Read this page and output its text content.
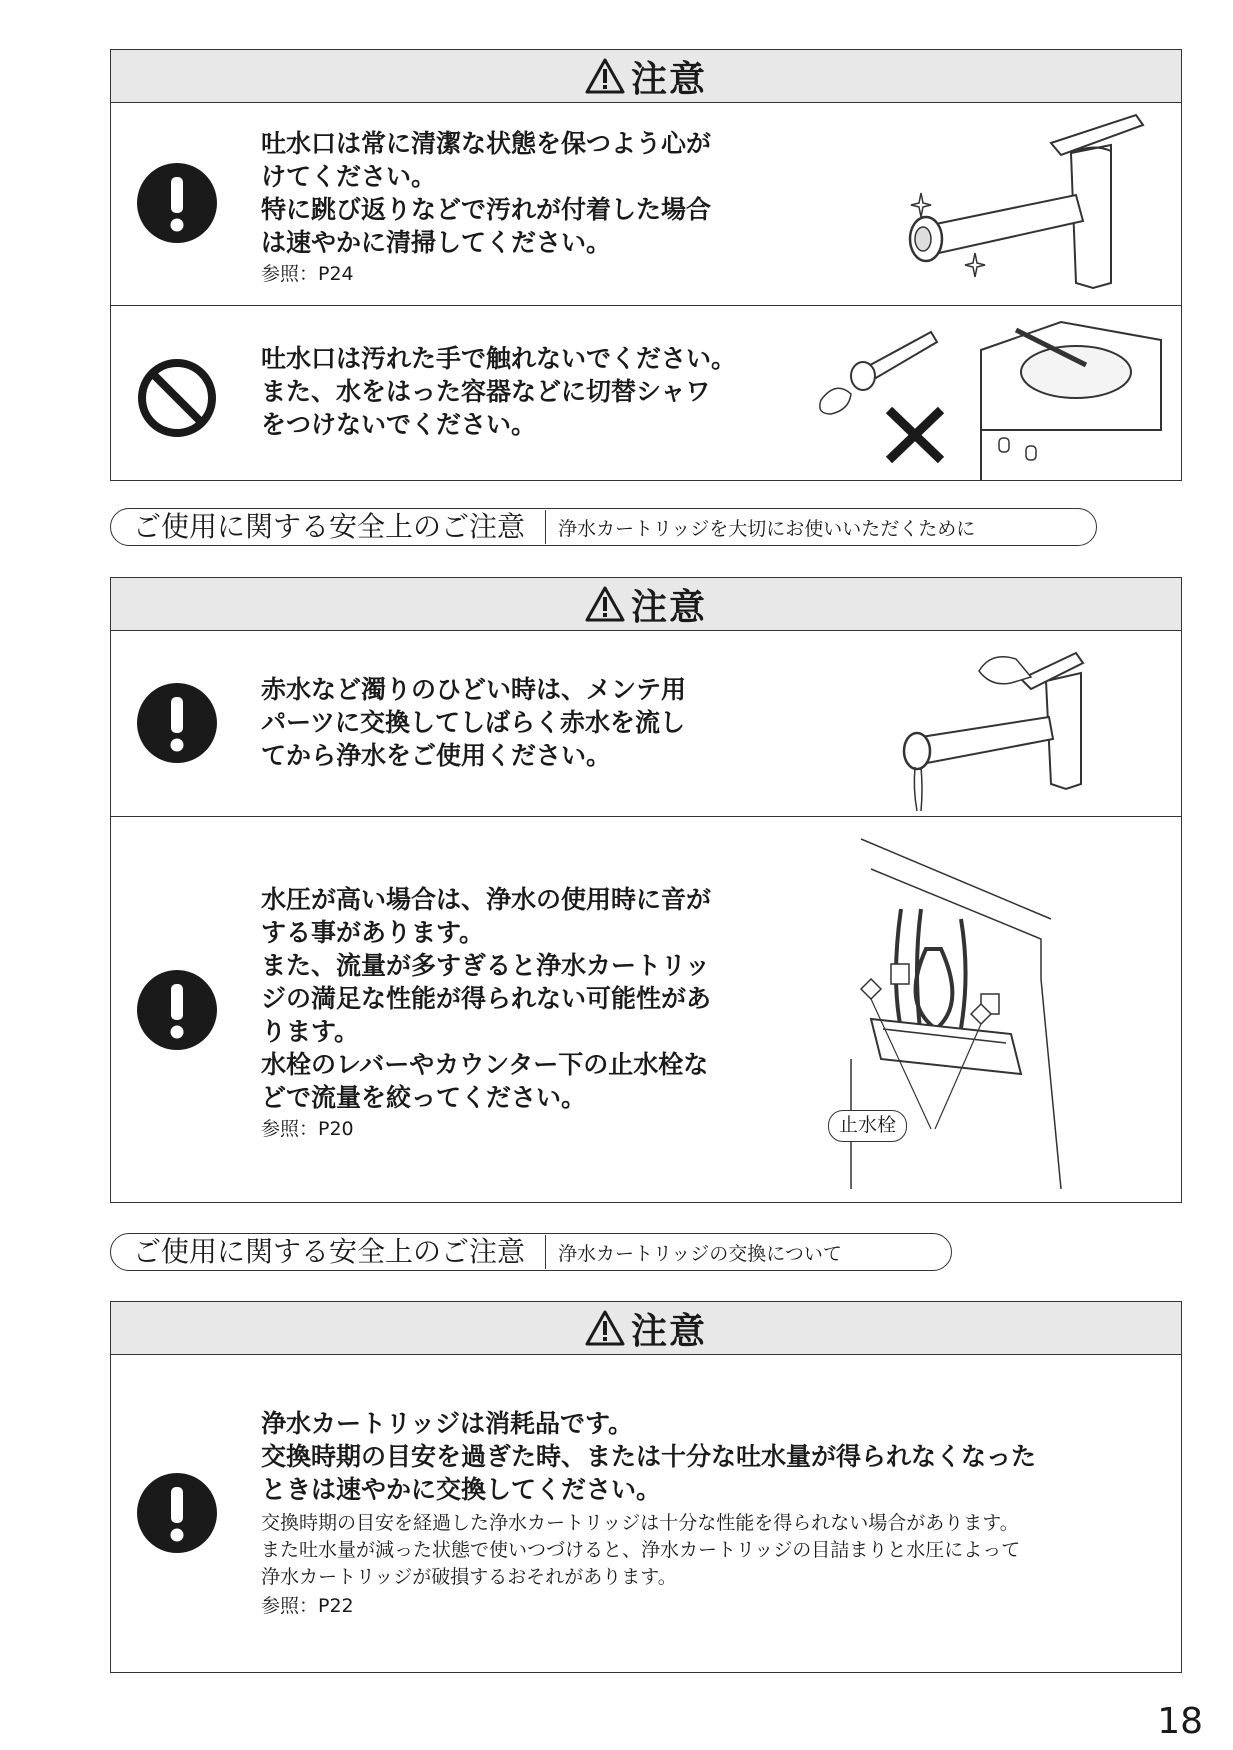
注意

吐水口は常に清潔な状態を保つよう心が
けてください。
特に跳び返りなどで汚れが付着した場合
は速やかに清掃してください。

参照：P24

吐水口は汚れた手で触れないでください。
また、水をはった容器などに切替シャワ
をつけないでください。

ご使用に関する安全上のご注意	浄水カートリッジを大切にお使いいただくために
注意

赤水など濁りのひどい時は、メンテ用
パーツに交換してしばらく赤水を流し
てから浄水をご使用ください。

水圧が高い場合は、浄水の使用時に音が
する事があります。
また、流量が多すぎると浄水カートリッ
ジの満足な性能が得られない可能性があ
ります。
水栓のレバーやカウンター下の止水栓な
どで流量を絞ってください。

参照：P20	止水栓
ご使用に関する安全上のご注意	浄水カートリッジの交換について
注意

浄水カートリッジは消耗品です。
交換時期の目安を過ぎた時、または十分な吐水量が得られなくなった
ときは速やかに交換してください。

交換時期の目安を経過した浄水カートリッジは十分な性能を得られない場合があります。
また吐水量が減った状態で使いつづけると、浄水カートリッジの目詰まりと水圧によって
浄水カートリッジが破損するおそれがあります。

参照：P22

18
